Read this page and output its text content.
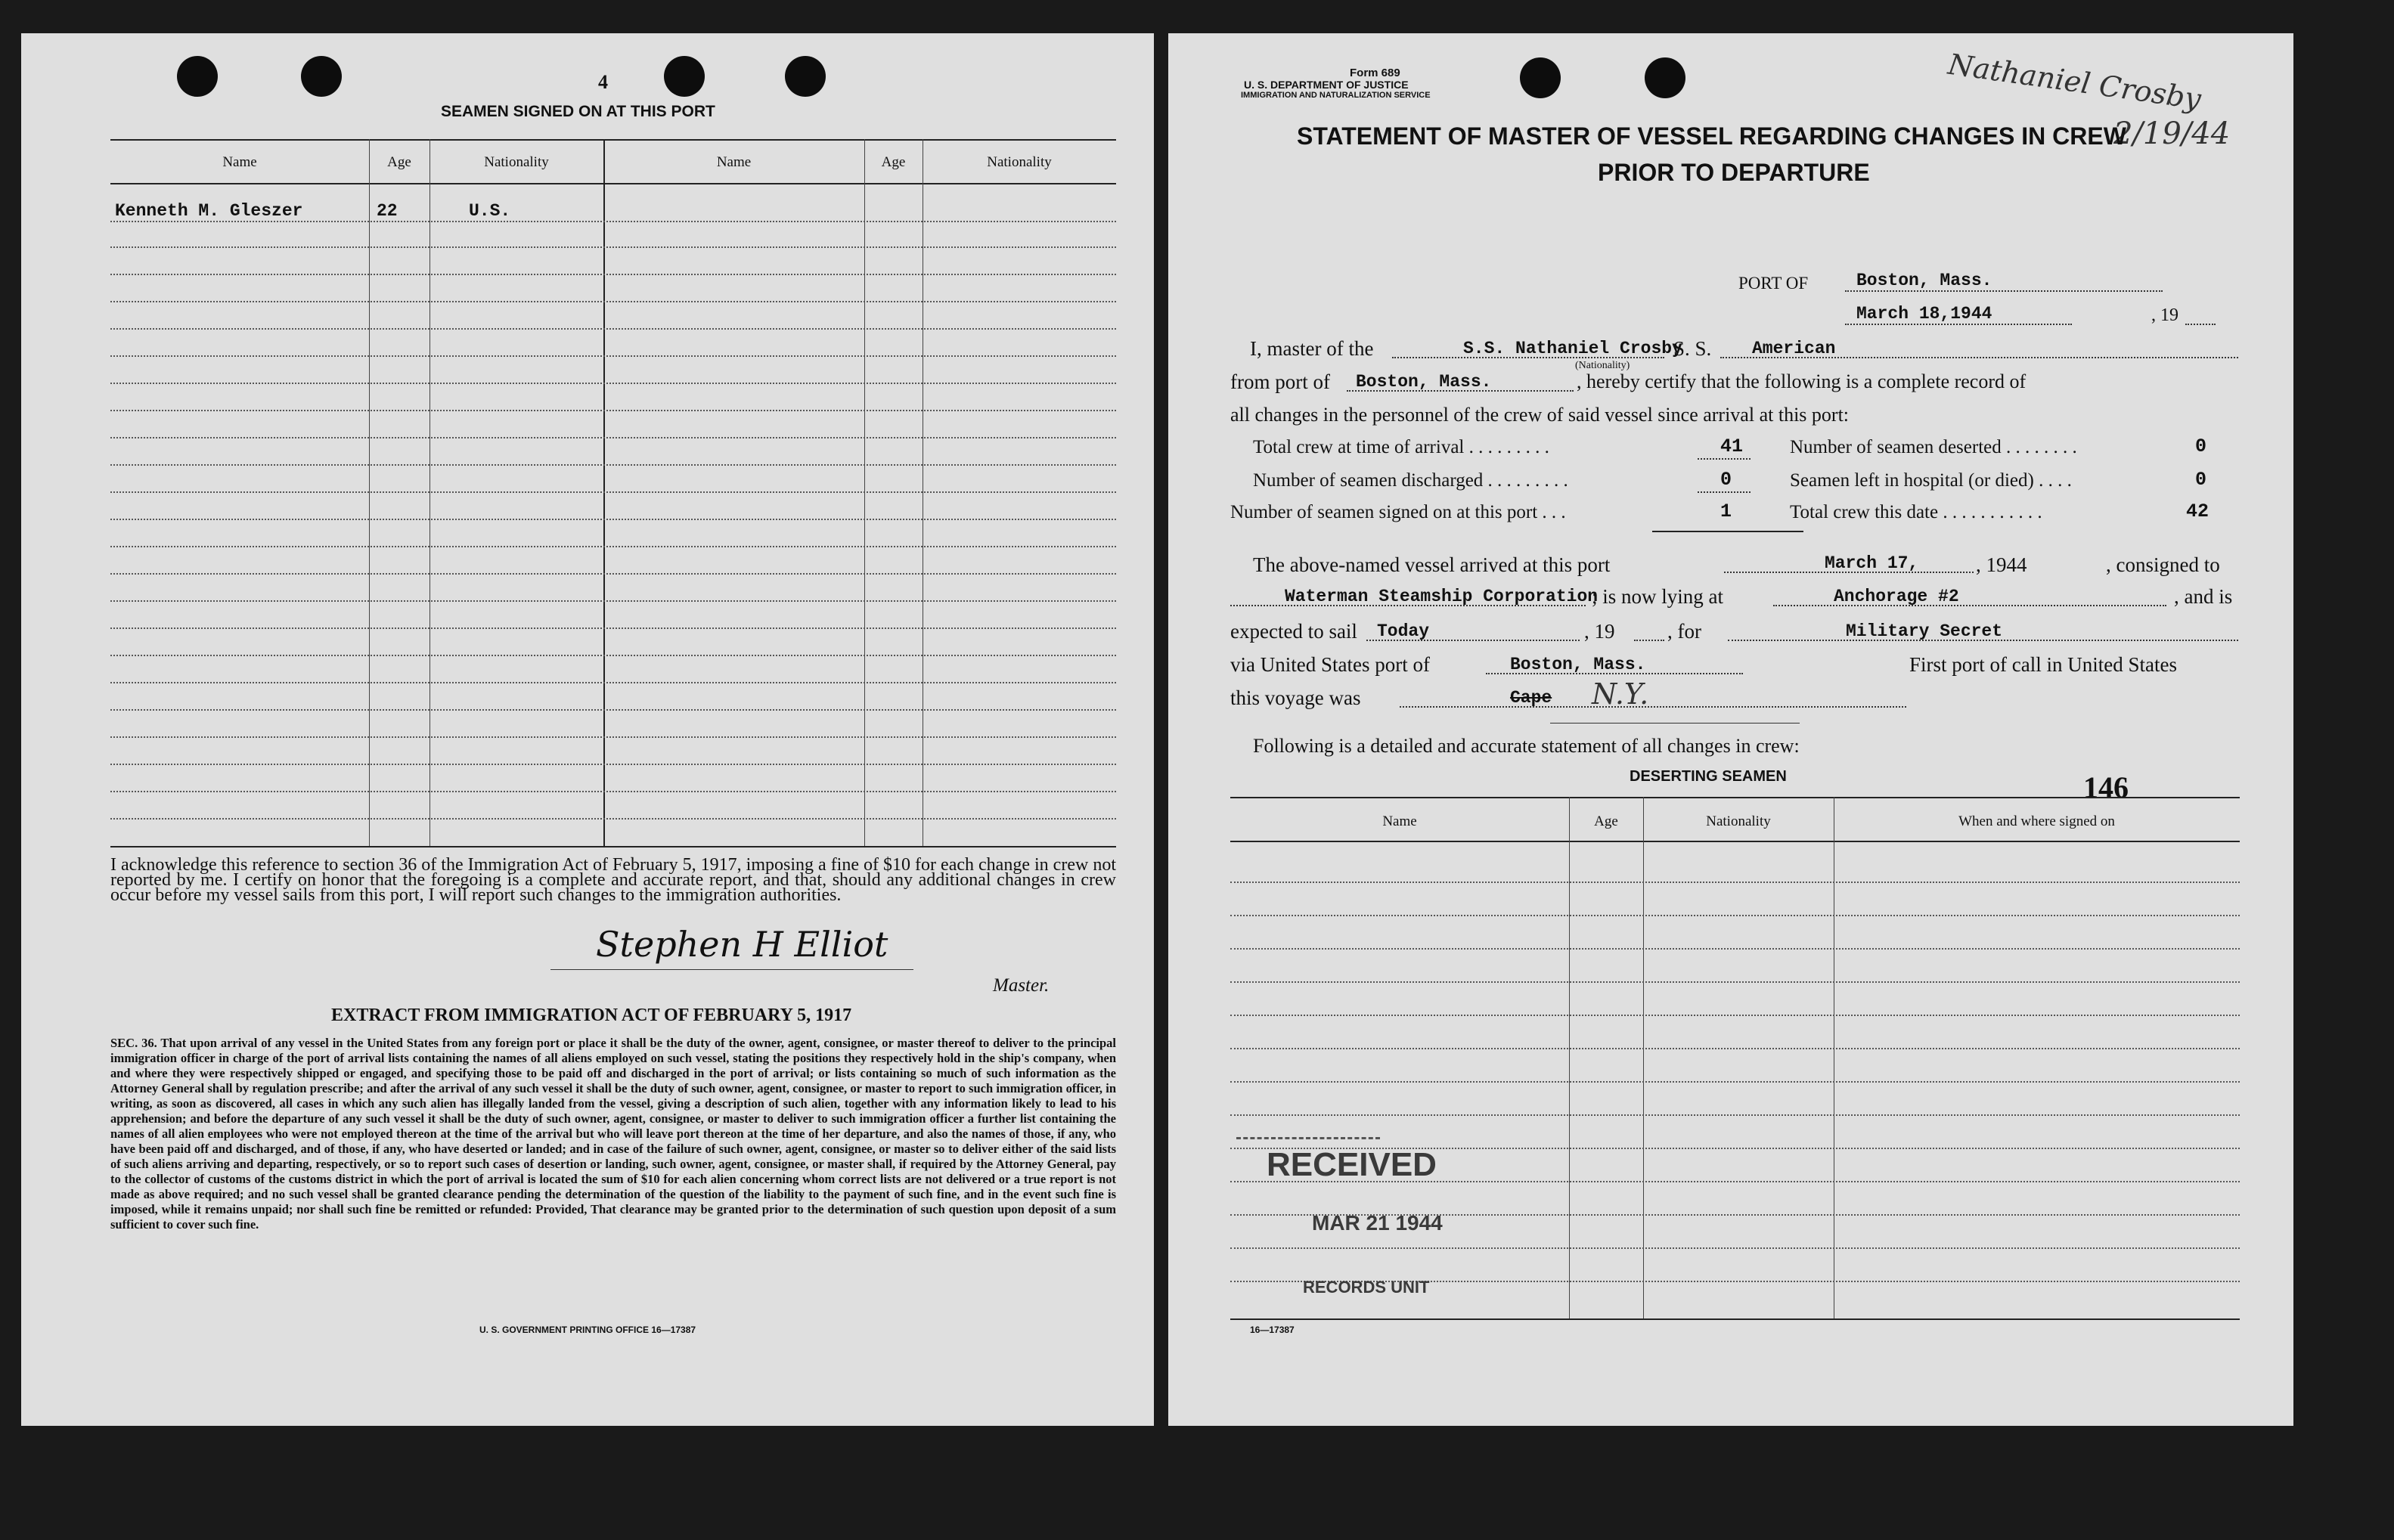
4
SEAMEN SIGNED ON AT THIS PORT
Name	Age	Nationality	Name	Age	Nationality
Kenneth M. Gleszer	22	U.S.
I acknowledge this reference to section 36 of the Immigration Act of February 5, 1917, imposing a fine of $10 for each change in crew not reported by me. I certify on honor that the foregoing is a complete and accurate report, and that, should any additional changes in crew occur before my vessel sails from this port, I will report such changes to the immigration authorities.
Stephen H Elliot
Master.
EXTRACT FROM IMMIGRATION ACT OF FEBRUARY 5, 1917
SEC. 36. That upon arrival of any vessel in the United States from any foreign port or place it shall be the duty of the owner, agent, consignee, or master thereof to deliver to the principal immigration officer in charge of the port of arrival lists containing the names of all aliens employed on such vessel, stating the positions they respectively hold in the ship's company, when and where they were respectively shipped or engaged, and specifying those to be paid off and discharged in the port of arrival; or lists containing so much of such information as the Attorney General shall by regulation prescribe; and after the arrival of any such vessel it shall be the duty of such owner, agent, consignee, or master to report to such immigration officer, in writing, as soon as discovered, all cases in which any such alien has illegally landed from the vessel, giving a description of such alien, together with any information likely to lead to his apprehension; and before the departure of any such vessel it shall be the duty of such owner, agent, consignee, or master to deliver to such immigration officer a further list containing the names of all alien employees who were not employed thereon at the time of the arrival but who will leave port thereon at the time of her departure, and also the names of those, if any, who have been paid off and discharged, and of those, if any, who have deserted or landed; and in case of the failure of such owner, agent, consignee, or master so to deliver either of the said lists of such aliens arriving and departing, respectively, or so to report such cases of desertion or landing, such owner, agent, consignee, or master shall, if required by the Attorney General, pay to the collector of customs of the customs district in which the port of arrival is located the sum of $10 for each alien concerning whom correct lists are not delivered or a true report is not made as above required; and no such vessel shall be granted clearance pending the determination of the question of the liability to the payment of such fine, and in the event such fine is imposed, while it remains unpaid; nor shall such fine be remitted or refunded: Provided, That clearance may be granted prior to the determination of such question upon deposit of a sum sufficient to cover such fine.
U. S. GOVERNMENT PRINTING OFFICE 16—17387
Form 689
U. S. DEPARTMENT OF JUSTICE
IMMIGRATION AND NATURALIZATION SERVICE	Nathaniel Crosby
2/19/44
STATEMENT OF MASTER OF VESSEL REGARDING CHANGES IN CREW
PRIOR TO DEPARTURE
PORT OF	Boston, Mass.
March 18,1944	, 19
I, master of the	S.S. Nathaniel Crosby
S. S. American
(Nationality)
from port of Boston, Mass.	, hereby certify that the following is a complete record of
all changes in the personnel of the crew of said vessel since arrival at this port:
Total crew at time of arrival . . . . . . . . .	41 Number of seamen deserted . . . . . . . .	0
Number of seamen discharged . . . . . . . . .	0	Seamen left in hospital (or died) . . . .	0
Number of seamen signed on at this port . . .	1	Total crew this date . . . . . . . . . . .	42
The above-named vessel arrived at this port	March 17,	, 1944	, consigned to
Waterman Steamship Corporation
; is now lying at	Anchorage #2	, and is
expected to sail Today	, 19	, for	Military Secret
via United States port of	Boston, Mass.	First port of call in United States
this voyage was	Cape N.Y.
Following is a detailed and accurate statement of all changes in crew:
DESERTING SEAMEN	146
Name	Age	Nationality	When and where signed on
RECEIVED
MAR 21 1944
RECORDS UNIT
16—17387
